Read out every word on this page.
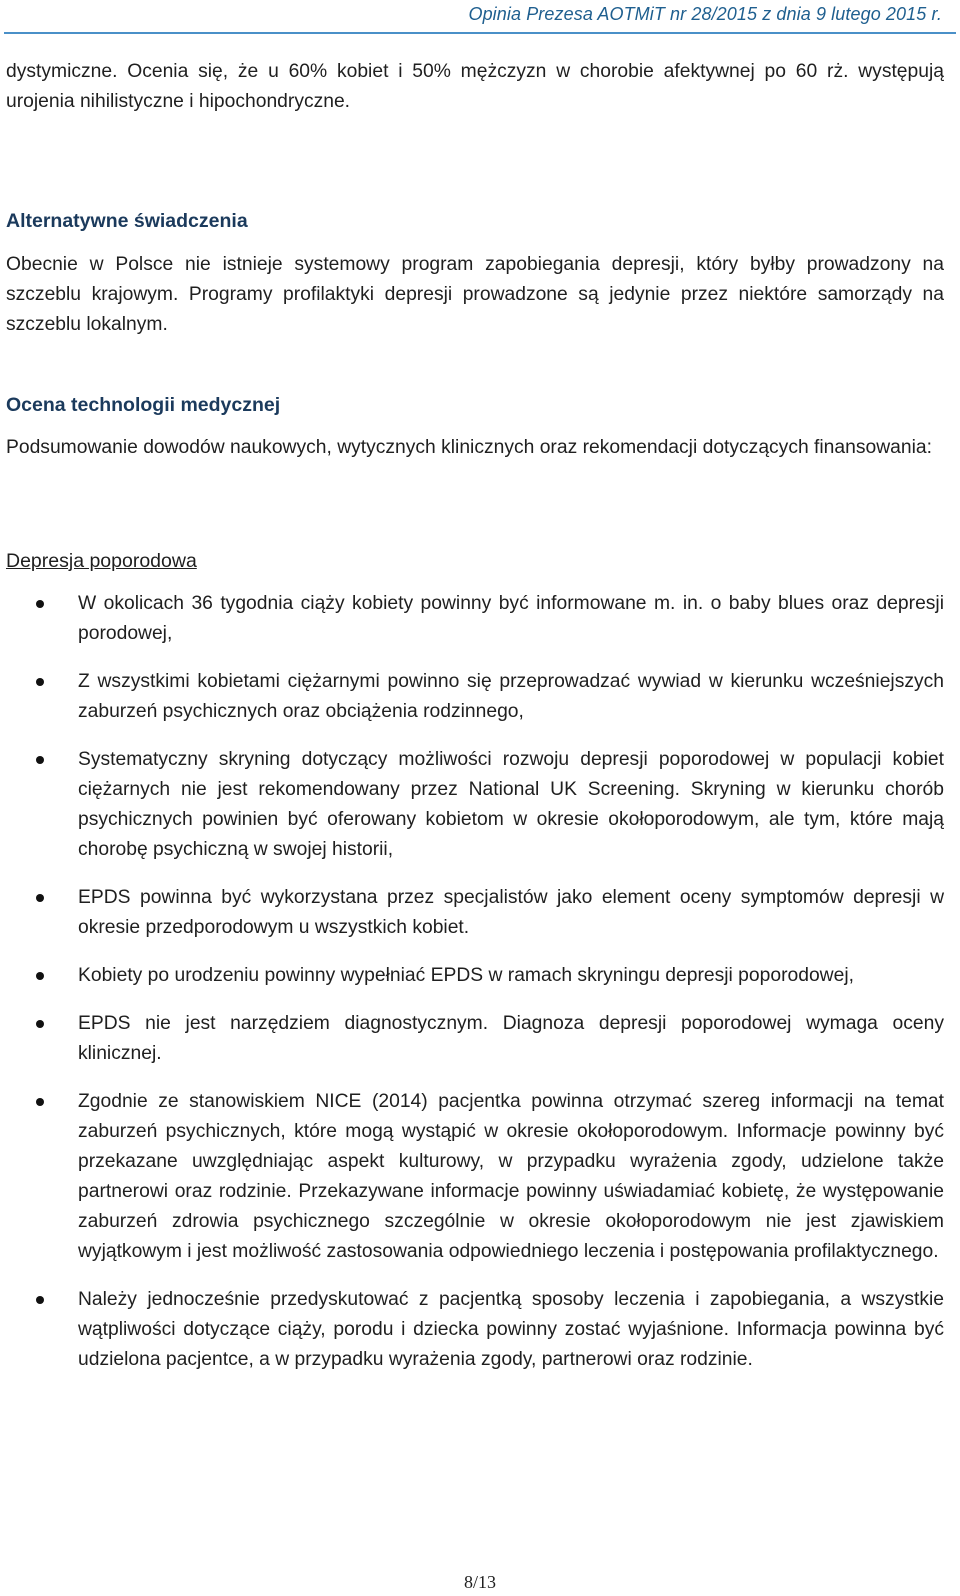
Opinia Prezesa AOTMiT nr 28/2015 z dnia 9 lutego 2015 r.

dystymiczne. Ocenia się, że u 60% kobiet i 50% mężczyzn w chorobie afektywnej po 60 rż. występują urojenia nihilistyczne i hipochondryczne.

Alternatywne świadczenia

Obecnie w Polsce nie istnieje systemowy program zapobiegania depresji, który byłby prowadzony na szczeblu krajowym. Programy profilaktyki depresji prowadzone są jedynie przez niektóre samorządy na szczeblu lokalnym.

Ocena technologii medycznej

Podsumowanie dowodów naukowych, wytycznych klinicznych oraz rekomendacji dotyczących finansowania:

Depresja poporodowa

W okolicach 36 tygodnia ciąży kobiety powinny być informowane m. in. o baby blues oraz depresji porodowej,

Z wszystkimi kobietami ciężarnymi powinno się przeprowadzać wywiad w kierunku wcześniejszych zaburzeń psychicznych oraz obciążenia rodzinnego,

Systematyczny skryning dotyczący możliwości rozwoju depresji poporodowej w populacji kobiet ciężarnych nie jest rekomendowany przez National UK Screening. Skryning w kierunku chorób psychicznych powinien być oferowany kobietom w okresie okołoporodowym, ale tym, które mają chorobę psychiczną w swojej historii,

EPDS powinna być wykorzystana przez specjalistów jako element oceny symptomów depresji w okresie przedporodowym u wszystkich kobiet.

Kobiety po urodzeniu powinny wypełniać EPDS w ramach skryningu depresji poporodowej,

EPDS nie jest narzędziem diagnostycznym. Diagnoza depresji poporodowej wymaga oceny klinicznej.

Zgodnie ze stanowiskiem NICE (2014) pacjentka powinna otrzymać szereg informacji na temat zaburzeń psychicznych, które mogą wystąpić w okresie okołoporodowym. Informacje powinny być przekazane uwzględniając aspekt kulturowy, w przypadku wyrażenia zgody, udzielone także partnerowi oraz rodzinie. Przekazywane informacje powinny uświadamiać kobietę, że występowanie zaburzeń zdrowia psychicznego szczególnie w okresie okołoporodowym nie jest zjawiskiem wyjątkowym i jest możliwość zastosowania odpowiedniego leczenia i postępowania profilaktycznego.

Należy jednocześnie przedyskutować z pacjentką sposoby leczenia i zapobiegania, a wszystkie wątpliwości dotyczące ciąży, porodu i dziecka powinny zostać wyjaśnione. Informacja powinna być udzielona pacjentce, a w przypadku wyrażenia zgody, partnerowi oraz rodzinie.

8/13
